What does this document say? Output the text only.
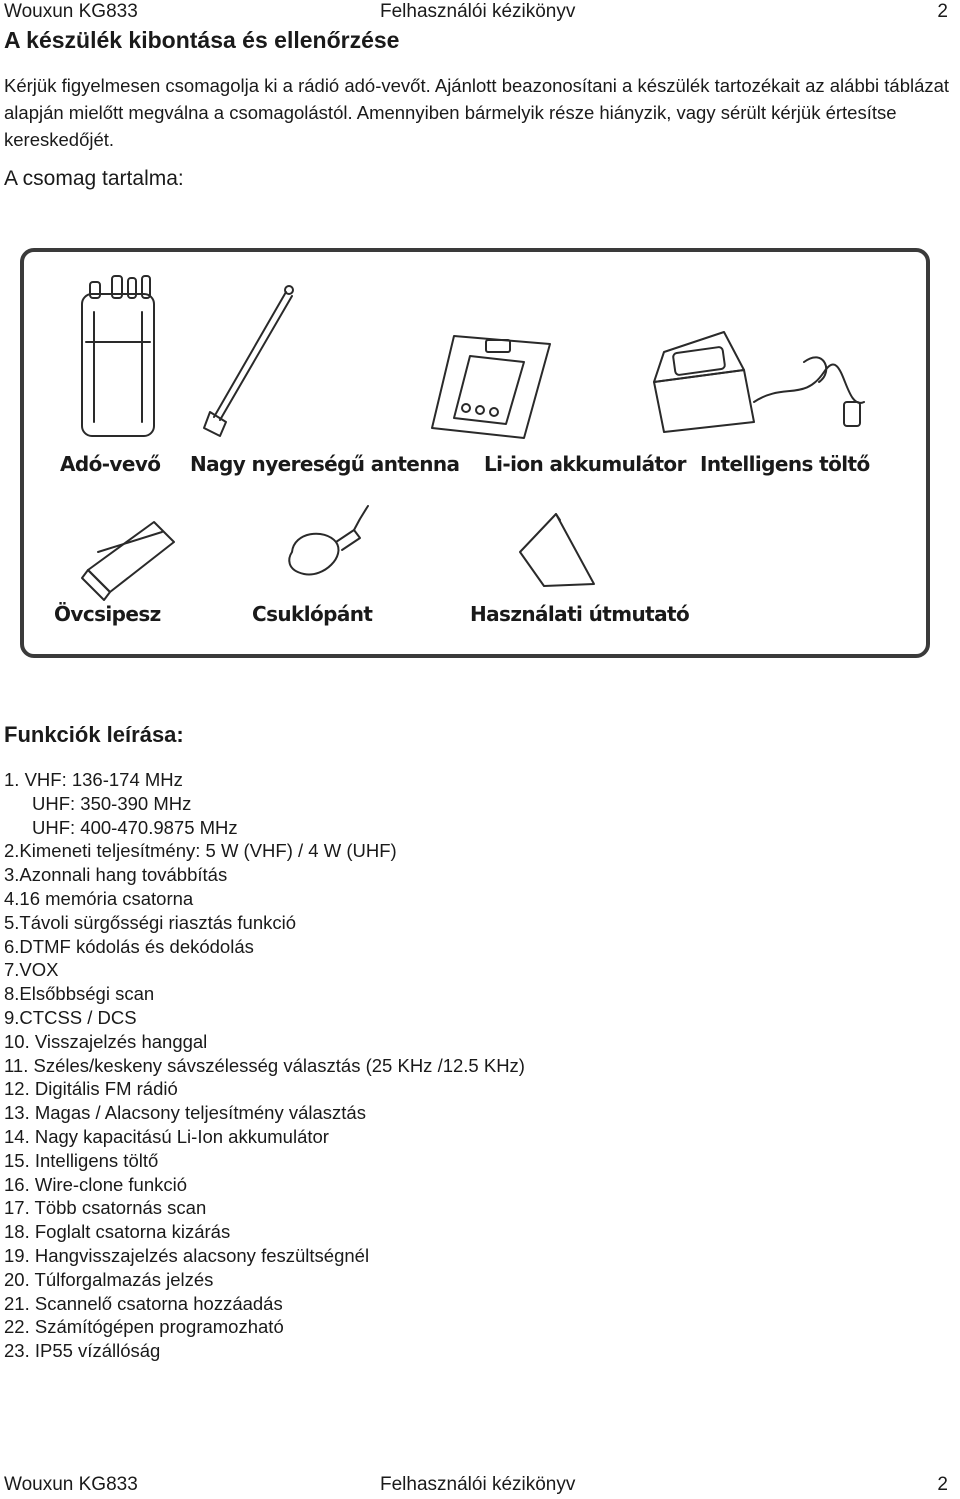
Wouxun KG833	Felhasználói kézikönyv	2
A készülék kibontása és ellenőrzése
Kérjük figyelmesen csomagolja ki a rádió adó-vevőt. Ajánlott beazonosítani a készülék tartozékait az alábbi táblázat alapján mielőtt megválna a csomagolástól. Amennyiben bármelyik része hiányzik, vagy sérült kérjük értesítse kereskedőjét.
A csomag tartalma:
Adó-vevő Nagy nyereségű antenna Li-ion akkumulátor Intelligens töltő
Övcsipesz	Csuklópánt	Használati útmutató
Funkciók leírása:
1. VHF: 136-174 MHz
UHF: 350-390 MHz
UHF: 400-470.9875 MHz
2.Kimeneti teljesítmény: 5 W (VHF) / 4 W (UHF)
3.Azonnali hang továbbítás
4.16 memória csatorna
5.Távoli sürgősségi riasztás funkció
6.DTMF kódolás és dekódolás
7.VOX
8.Elsőbbségi scan
9.CTCSS / DCS
10. Visszajelzés hanggal
11. Széles/keskeny sávszélesség választás (25 KHz /12.5 KHz)
12. Digitális FM rádió
13. Magas / Alacsony teljesítmény választás
14. Nagy kapacitású Li-Ion akkumulátor
15. Intelligens töltő
16. Wire-clone funkció
17. Több csatornás scan
18. Foglalt csatorna kizárás
19. Hangvisszajelzés alacsony feszültségnél
20. Túlforgalmazás jelzés
21. Scannelő csatorna hozzáadás
22. Számítógépen programozható
23. IP55 vízállóság
Wouxun KG833	Felhasználói kézikönyv	2
